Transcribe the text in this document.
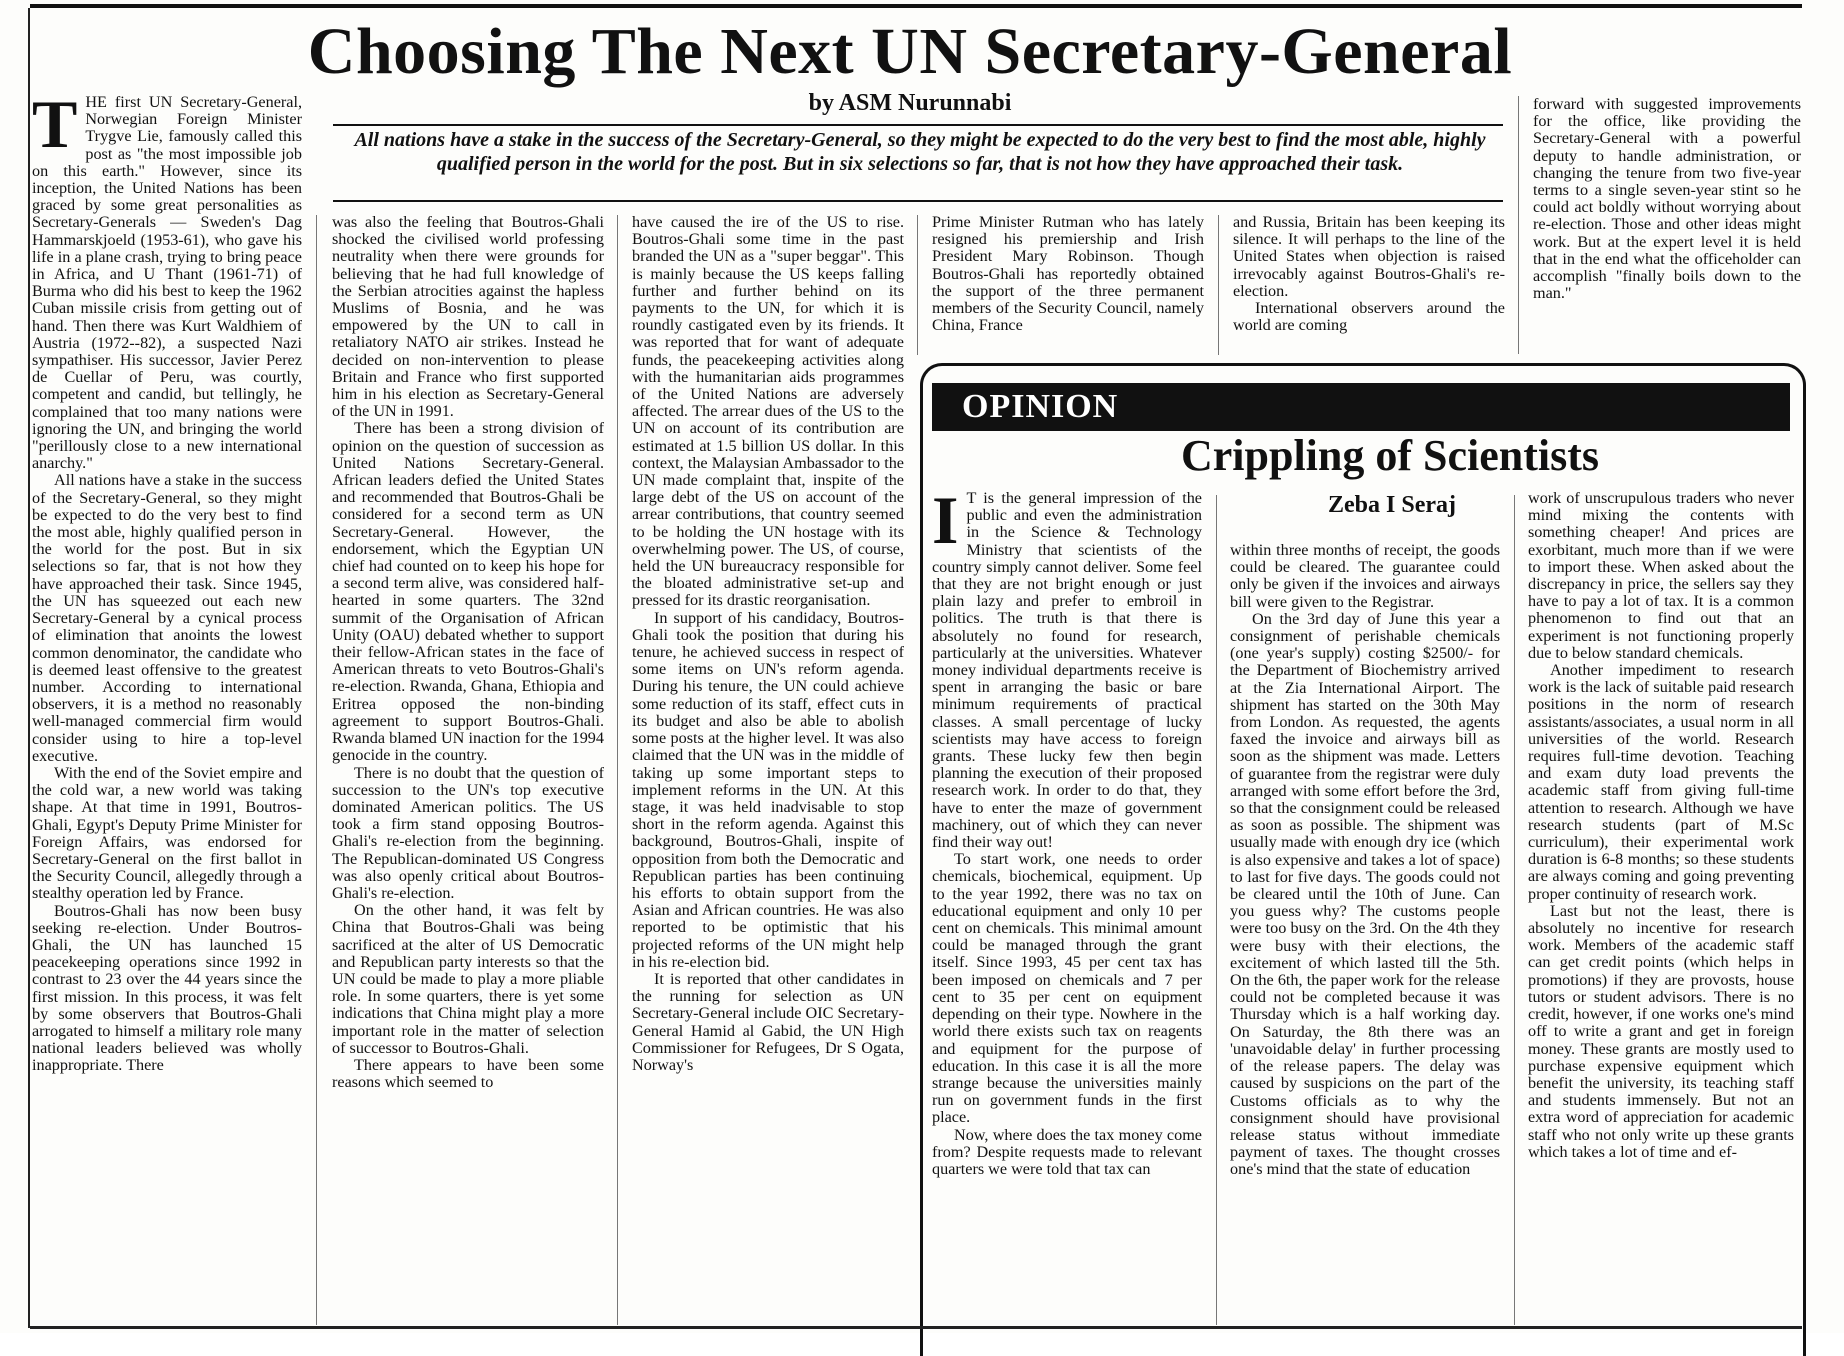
Choosing The Next UN Secretary-General
by ASM Nurunnabi
All nations have a stake in the success of the Secretary-General, so they might be expected to do the very best to find the most able, highly qualified person in the world for the post. But in six selections so far, that is not how they have approached their task.
T HE first UN Secretary-General, Norwegian Foreign Minister Trygve Lie, famously called this post as "the most impossible job on this earth." However, since its inception, the United Nations has been graced by some great personalities as Secretary-Generals — Sweden's Dag Hammarskjoeld (1953-61), who gave his life in a plane crash, trying to bring peace in Africa, and U Thant (1961-71) of Burma who did his best to keep the 1962 Cuban missile crisis from getting out of hand. Then there was Kurt Waldhiem of Austria (1972--82), a suspected Nazi sympathiser. His successor, Javier Perez de Cuellar of Peru, was courtly, competent and candid, but tellingly, he complained that too many nations were ignoring the UN, and bringing the world "perillously close to a new international anarchy."

All nations have a stake in the success of the Secretary-General, so they might be expected to do the very best to find the most able, highly qualified person in the world for the post. But in six selections so far, that is not how they have approached their task. Since 1945, the UN has squeezed out each new Secretary-General by a cynical process of elimination that anoints the lowest common denominator, the candidate who is deemed least offensive to the greatest number. According to international observers, it is a method no reasonably well-managed commercial firm would consider using to hire a top-level executive.

With the end of the Soviet empire and the cold war, a new world was taking shape. At that time in 1991, Boutros-Ghali, Egypt's Deputy Prime Minister for Foreign Affairs, was endorsed for Secretary-General on the first ballot in the Security Council, allegedly through a stealthy operation led by France.

Boutros-Ghali has now been busy seeking re-election. Under Boutros-Ghali, the UN has launched 15 peacekeeping operations since 1992 in contrast to 23 over the 44 years since the first mission. In this process, it was felt by some observers that Boutros-Ghali arrogated to himself a military role many national leaders believed was wholly inappropriate. There

was also the feeling that Boutros-Ghali shocked the civilised world professing neutrality when there were grounds for believing that he had full knowledge of the Serbian atrocities against the hapless Muslims of Bosnia, and he was empowered by the UN to call in retaliatory NATO air strikes. Instead he decided on non-intervention to please Britain and France who first supported him in his election as Secretary-General of the UN in 1991.

There has been a strong division of opinion on the question of succession as United Nations Secretary-General. African leaders defied the United States and recommended that Boutros-Ghali be considered for a second term as UN Secretary-General. However, the endorsement, which the Egyptian UN chief had counted on to keep his hope for a second term alive, was considered half-hearted in some quarters. The 32nd summit of the Organisation of African Unity (OAU) debated whether to support their fellow-African states in the face of American threats to veto Boutros-Ghali's re-election. Rwanda, Ghana, Ethiopia and Eritrea opposed the non-binding agreement to support Boutros-Ghali. Rwanda blamed UN inaction for the 1994 genocide in the country.

There is no doubt that the question of succession to the UN's top executive dominated American politics. The US took a firm stand opposing Boutros-Ghali's re-election from the beginning. The Republican-dominated US Congress was also openly critical about Boutros-Ghali's re-election.

On the other hand, it was felt by China that Boutros-Ghali was being sacrificed at the alter of US Democratic and Republican party interests so that the UN could be made to play a more pliable role. In some quarters, there is yet some indications that China might play a more important role in the matter of selection of successor to Boutros-Ghali.

There appears to have been some reasons which seemed to

have caused the ire of the US to rise. Boutros-Ghali some time in the past branded the UN as a "super beggar". This is mainly because the US keeps falling further and further behind on its payments to the UN, for which it is roundly castigated even by its friends. It was reported that for want of adequate funds, the peacekeeping activities along with the humanitarian aids programmes of the United Nations are adversely affected. The arrear dues of the US to the UN on account of its contribution are estimated at 1.5 billion US dollar. In this context, the Malaysian Ambassador to the UN made complaint that, inspite of the large debt of the US on account of the arrear contributions, that country seemed to be holding the UN hostage with its overwhelming power. The US, of course, held the UN bureaucracy responsible for the bloated administrative set-up and pressed for its drastic reorganisation.

In support of his candidacy, Boutros-Ghali took the position that during his tenure, he achieved success in respect of some items on UN's reform agenda. During his tenure, the UN could achieve some reduction of its staff, effect cuts in its budget and also be able to abolish some posts at the higher level. It was also claimed that the UN was in the middle of taking up some important steps to implement reforms in the UN. At this stage, it was held inadvisable to stop short in the reform agenda. Against this background, Boutros-Ghali, inspite of opposition from both the Democratic and Republican parties has been continuing his efforts to obtain support from the Asian and African countries. He was also reported to be optimistic that his projected reforms of the UN might help in his re-election bid.

It is reported that other candidates in the running for selection as UN Secretary-General include OIC Secretary-General Hamid al Gabid, the UN High Commissioner for Refugees, Dr S Ogata, Norway's

Prime Minister Rutman who has lately resigned his premiership and Irish President Mary Robinson. Though Boutros-Ghali has reportedly obtained the support of the three permanent members of the Security Council, namely China, France

and Russia, Britain has been keeping its silence. It will perhaps to the line of the United States when objection is raised irrevocably against Boutros-Ghali's re-election.

International observers around the world are coming

forward with suggested improvements for the office, like providing the Secretary-General with a powerful deputy to handle administration, or changing the tenure from two five-year terms to a single seven-year stint so he could act boldly without worrying about re-election. Those and other ideas might work. But at the expert level it is held that in the end what the officeholder can accomplish "finally boils down to the man."

OPINION
Crippling of Scientists
Zeba I Seraj
I T is the general impression of the public and even the administration in the Science & Technology Ministry that scientists of the country simply cannot deliver. Some feel that they are not bright enough or just plain lazy and prefer to embroil in politics. The truth is that there is absolutely no found for research, particularly at the universities. Whatever money individual departments receive is spent in arranging the basic or bare minimum requirements of practical classes. A small percentage of lucky scientists may have access to foreign grants. These lucky few then begin planning the execution of their proposed research work. In order to do that, they have to enter the maze of government machinery, out of which they can never find their way out!

To start work, one needs to order chemicals, biochemical, equipment. Up to the year 1992, there was no tax on educational equipment and only 10 per cent on chemicals. This minimal amount could be managed through the grant itself. Since 1993, 45 per cent tax has been imposed on chemicals and 7 per cent to 35 per cent on equipment depending on their type. Nowhere in the world there exists such tax on reagents and equipment for the purpose of education. In this case it is all the more strange because the universities mainly run on government funds in the first place.

Now, where does the tax money come from? Despite requests made to relevant quarters we were told that tax can

within three months of receipt, the goods could be cleared. The guarantee could only be given if the invoices and airways bill were given to the Registrar.

On the 3rd day of June this year a consignment of perishable chemicals (one year's supply) costing $2500/- for the Department of Biochemistry arrived at the Zia International Airport. The shipment has started on the 30th May from London. As requested, the agents faxed the invoice and airways bill as soon as the shipment was made. Letters of guarantee from the registrar were duly arranged with some effort before the 3rd, so that the consignment could be released as soon as possible. The shipment was usually made with enough dry ice (which is also expensive and takes a lot of space) to last for five days. The goods could not be cleared until the 10th of June. Can you guess why? The customs people were too busy on the 3rd. On the 4th they were busy with their elections, the excitement of which lasted till the 5th. On the 6th, the paper work for the release could not be completed because it was Thursday which is a half working day. On Saturday, the 8th there was an 'unavoidable delay' in further processing of the release papers. The delay was caused by suspicions on the part of the Customs officials as to why the consignment should have provisional release status without immediate payment of taxes. The thought crosses one's mind that the state of education

work of unscrupulous traders who never mind mixing the contents with something cheaper! And prices are exorbitant, much more than if we were to import these. When asked about the discrepancy in price, the sellers say they have to pay a lot of tax. It is a common phenomenon to find out that an experiment is not functioning properly due to below standard chemicals.

Another impediment to research work is the lack of suitable paid research positions in the norm of research assistants/associates, a usual norm in all universities of the world. Research requires full-time devotion. Teaching and exam duty load prevents the academic staff from giving full-time attention to research. Although we have research students (part of M.Sc curriculum), their experimental work duration is 6-8 months; so these students are always coming and going preventing proper continuity of research work.

Last but not the least, there is absolutely no incentive for research work. Members of the academic staff can get credit points (which helps in promotions) if they are provosts, house tutors or student advisors. There is no credit, however, if one works one's mind off to write a grant and get in foreign money. These grants are mostly used to purchase expensive equipment which benefit the university, its teaching staff and students immensely. But not an extra word of appreciation for academic staff who not only write up these grants which takes a lot of time and ef-
